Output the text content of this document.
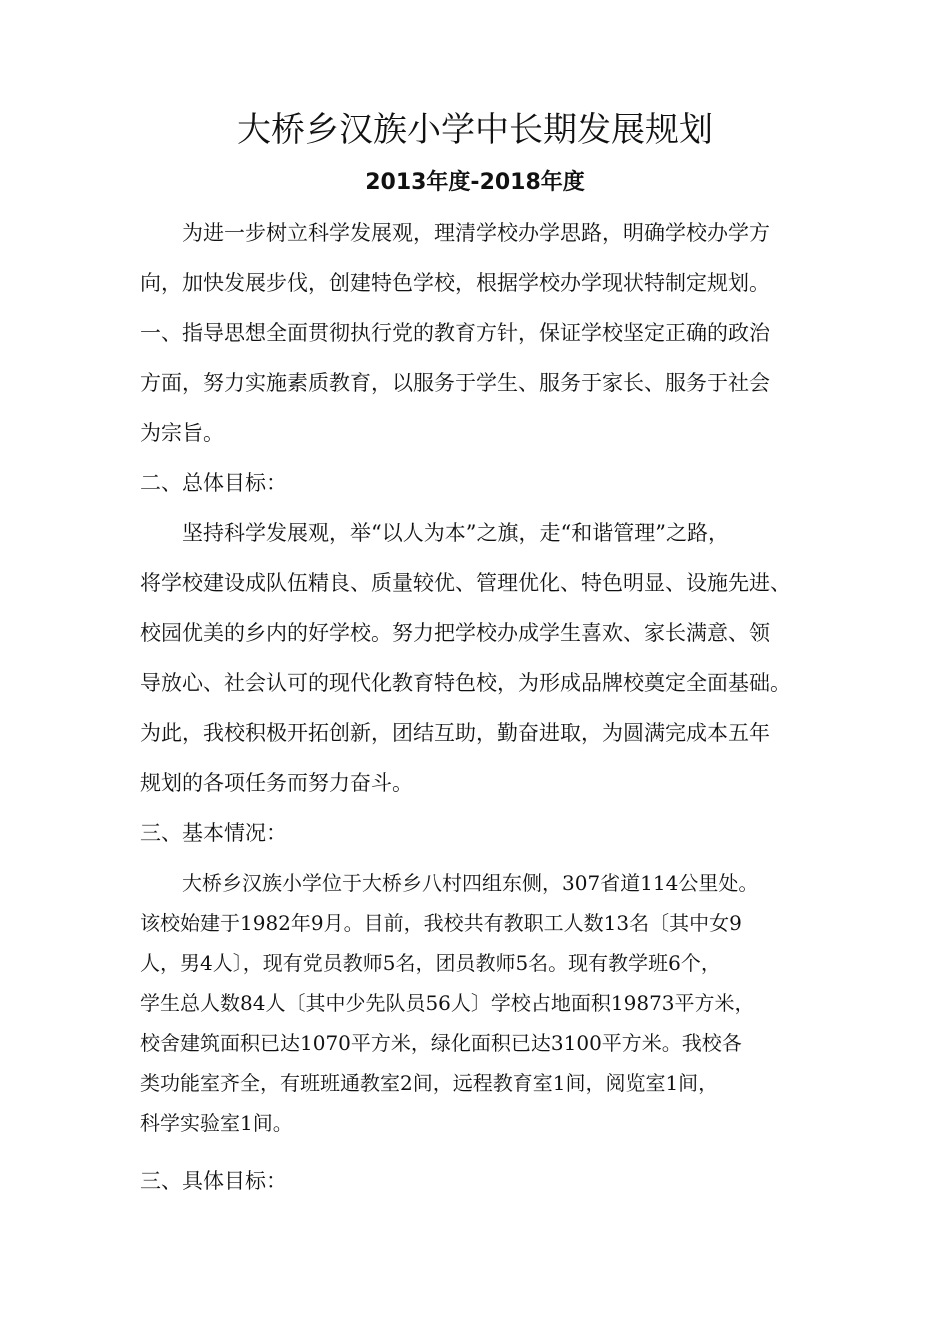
大桥乡汉族小学中长期发展规划
2013年度-2018年度
为进一步树立科学发展观，理清学校办学思路，明确学校办学方
向，加快发展步伐，创建特色学校，根据学校办学现状特制定规划。
一、指导思想全面贯彻执行党的教育方针，保证学校坚定正确的政治
方面，努力实施素质教育，以服务于学生、服务于家长、服务于社会
为宗旨。
二、总体目标：
坚持科学发展观，举“以人为本”之旗，走“和谐管理”之路，
将学校建设成队伍精良、质量较优、管理优化、特色明显、设施先进、
校园优美的乡内的好学校。努力把学校办成学生喜欢、家长满意、领
导放心、社会认可的现代化教育特色校，为形成品牌校奠定全面基础。
为此，我校积极开拓创新，团结互助，勤奋进取，为圆满完成本五年
规划的各项任务而努力奋斗。
三、基本情况：
大桥乡汉族小学位于大桥乡八村四组东侧，307省道114公里处。
该校始建于1982年9月。目前，我校共有教职工人数13名〔其中女9
人，男4人〕，现有党员教师5名，团员教师5名。现有教学班6个，
学生总人数84人〔其中少先队员56人〕学校占地面积19873平方米，
校舍建筑面积已达1070平方米，绿化面积已达3100平方米。我校各
类功能室齐全，有班班通教室2间，远程教育室1间，阅览室1间，
科学实验室1间。
三、具体目标：
